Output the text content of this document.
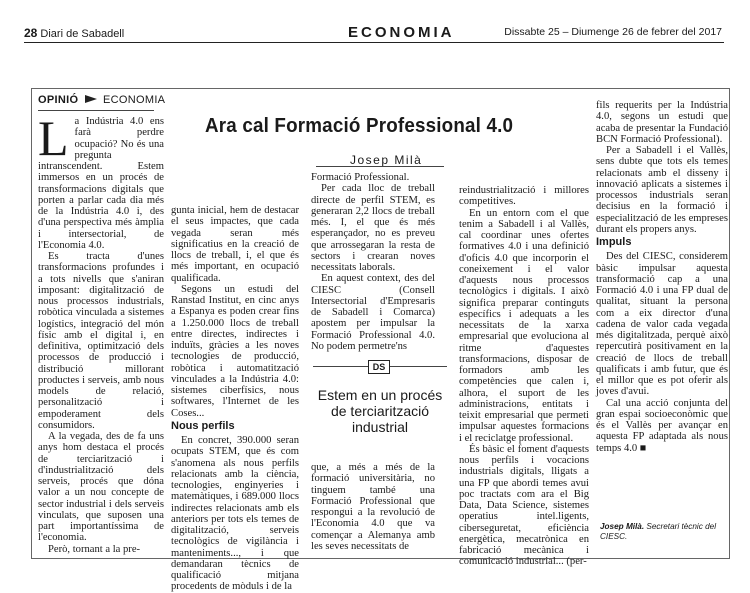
28 Diari de Sabadell	ECONOMIA	Dissabte 25 – Diumenge 26 de febrer del 2017
OPINIÓ ECONOMIA
Ara cal Formació Professional 4.0
Josep Milà
L a Indústria 4.0 ens farà perdre ocupació? No és una pregunta intranscendent. Estem immersos en un procés de transformacions digitals que porten a parlar cada dia més de la Indústria 4.0 i, des d'una perspectiva més àmplia i intersectorial, de l'Economia 4.0.

Es tracta d'unes transformacions profundes i a tots nivells que s'aniran imposant: digitalització de nous processos industrials, robòtica vinculada a sistemes logístics, integració del món físic amb el digital i, en definitiva, optimització dels processos de producció i distribució millorant productes i serveis, amb nous models de relació, personalització i empoderament dels consumidors.

A la vegada, des de fa uns anys hom destaca el procés de terciarització i d'industrialització dels serveis, procés que dóna valor a un nou concepte de sector industrial i dels serveis vinculats, que suposen una part importantíssima de l'economia.

Però, tornant a la pre-

gunta inicial, hem de destacar el seus impactes, que cada vegada seran més significatius en la creació de llocs de treball, i, el que és més important, en ocupació qualificada.

Segons un estudi del Ranstad Institut, en cinc anys a Espanya es poden crear fins a 1.250.000 llocs de treball entre directes, indirectes i induïts, gràcies a les noves tecnologies de producció, robòtica i automatització vinculades a la Indústria 4.0: sistemes ciberfísics, nous softwares, l'Internet de les Coses...

Nous perfils

En concret, 390.000 seran ocupats STEM, que és com s'anomena als nous perfils relacionats amb la ciència, tecnologies, enginyeries i matemàtiques, i 689.000 llocs indirectes relacionats amb els anteriors per tots els temes de digitalització, serveis tecnològics de vigilància i manteniments..., i que demandaran tècnics de qualificació mitjana procedents de mòduls i de la

Formació Professional.

Per cada lloc de treball directe de perfil STEM, es generaran 2,2 llocs de treball més. I, el que és més esperançador, no es preveu que arrossegaran la resta de sectors i crearan noves necessitats laborals.

En aquest context, des del CIESC (Consell Intersectorial d'Empresaris de Sabadell i Comarca) apostem per impulsar la Formació Professional 4.0. No podem permetre'ns

DS
Estem en un procés de terciarització industrial

que, a més a més de la formació universitària, no tinguem també una Formació Professional que respongui a la revolució de l'Economia 4.0 que va començar a Alemanya amb les seves necessitats de

reindustrialització i millores competitives.

En un entorn com el que tenim a Sabadell i al Vallès, cal coordinar unes ofertes formatives 4.0 i una definició d'oficis 4.0 que incorporin el coneixement i el valor d'aquests nous processos tecnològics i digitals. I això significa preparar continguts específics i adequats a les necessitats de la xarxa empresarial que evoluciona al ritme d'aquestes transformacions, disposar de formadors amb les competències que calen i, alhora, el suport de les administracions, entitats i teixit empresarial que permeti impulsar aquestes formacions i el reciclatge professional.

És bàsic el foment d'aquests nous perfils i vocacions industrials digitals, lligats a una FP que abordi temes avui poc tractats com ara el Big Data, Data Science, sistemes operatius intel.ligents, ciberseguretat, eficiència energètica, mecatrònica en fabricació mecànica i comunicació industrial... (per-

fils requerits per la Indústria 4.0, segons un estudi que acaba de presentar la Fundació BCN Formació Professional).

Per a Sabadell i el Vallès, sens dubte que tots els temes relacionats amb el disseny i innovació aplicats a sistemes i processos industrials seran decisius en la formació i especialització de les empreses durant els propers anys.

Impuls

Des del CIESC, considerem bàsic impulsar aquesta transformació cap a una Formació 4.0 i una FP dual de qualitat, situant la persona com a eix director d'una cadena de valor cada vegada més digitalitzada, perquè això repercutirà positivament en la creació de llocs de treball qualificats i amb futur, que és el millor que es pot oferir als joves d'avui.

Cal una acció conjunta del gran espai socioeconòmic que és el Vallès per avançar en aquesta FP adaptada als nous temps 4.0 ■

Josep Milà. Secretari tècnic del CIESC.
